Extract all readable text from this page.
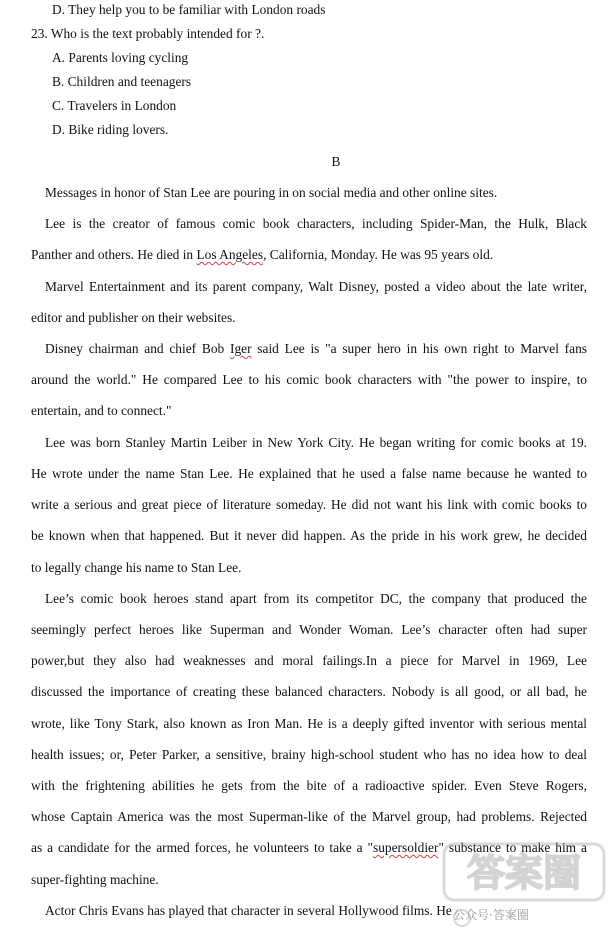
D. They help you to be familiar with London roads
23. Who is the text probably intended for ?.
A. Parents loving cycling
B. Children and teenagers
C. Travelers in London
D. Bike riding lovers.
B
Messages in honor of Stan Lee are pouring in on social media and other online sites.
Lee is the creator of famous comic book characters, including Spider-Man, the Hulk, Black
Panther and others. He died in Los Angeles, California, Monday. He was 95 years old.
Marvel Entertainment and its parent company, Walt Disney, posted a video about the late writer,
editor and publisher on their websites.
Disney chairman and chief Bob Iger said Lee is "a super hero in his own right to Marvel fans
around the world." He compared Lee to his comic book characters with "the power to inspire, to
entertain, and to connect."
Lee was born Stanley Martin Leiber in New York City. He began writing for comic books at 19.
He wrote under the name Stan Lee. He explained that he used a false name because he wanted to
write a serious and great piece of literature someday. He did not want his link with comic books to
be known when that happened. But it never did happen. As the pride in his work grew, he decided
to legally change his name to Stan Lee.
Lee’s comic book heroes stand apart from its competitor DC, the company that produced the
seemingly perfect heroes like Superman and Wonder Woman. Lee’s character often had super
power,but they also had weaknesses and moral failings.In a piece for Marvel in 1969, Lee
discussed the importance of creating these balanced characters. Nobody is all good, or all bad, he
wrote, like Tony Stark, also known as Iron Man. He is a deeply gifted inventor with serious mental
health issues; or, Peter Parker, a sensitive, brainy high-school student who has no idea how to deal
with the frightening abilities he gets from the bite of a radioactive spider. Even Steve Rogers,
whose Captain America was the most Superman-like of the Marvel group, had problems. Rejected
as a candidate for the armed forces, he volunteers to take a "supersoldier" substance to make him a
super-fighting machine.
Actor Chris Evans has played that character in several Hollywood films. He
答案圈
公众号·答案圈
